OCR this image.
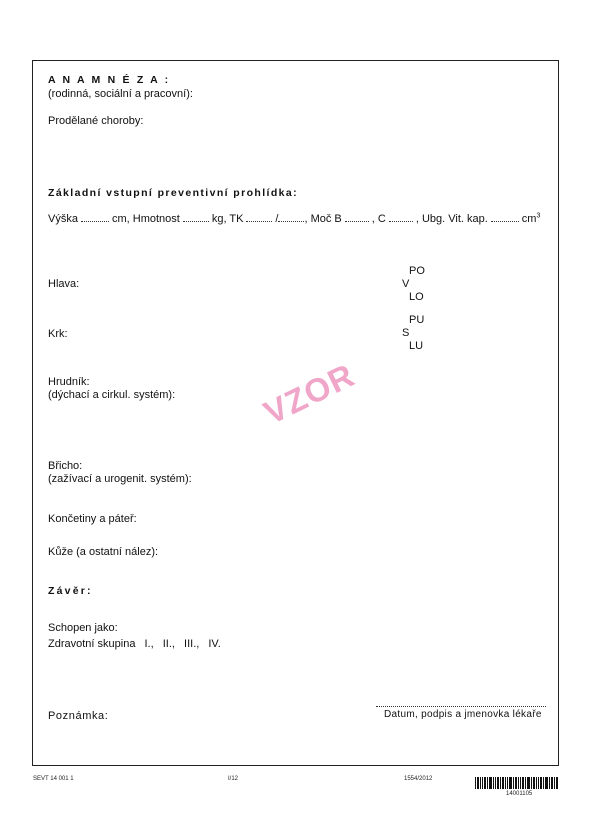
A N A M N É Z A :
(rodinná, sociální a pracovní):
Prodělané choroby:
Základní vstupní preventivní prohlídka:
Výška	cm, Hmotnost	kg, TK	/ , Moč B	, C	, Ubg. Vit. kap.	$cm^3$
Hlava:
PO
V
LO
Krk:
PU
S
LU
Hrudník:
(dýchací a cirkul. systém):	VZOR
Břicho:
(zažívací a urogenit. systém):
Končetiny a páteř:
Kůže (a ostatní nález):
Závěr:
Schopen jako:
Zdravotní skupina I., II., III., IV.
Poznámka:	Datum, podpis a jmenovka lékaře
SEVT 14 001 1	I/12	1554/2012
14001105
